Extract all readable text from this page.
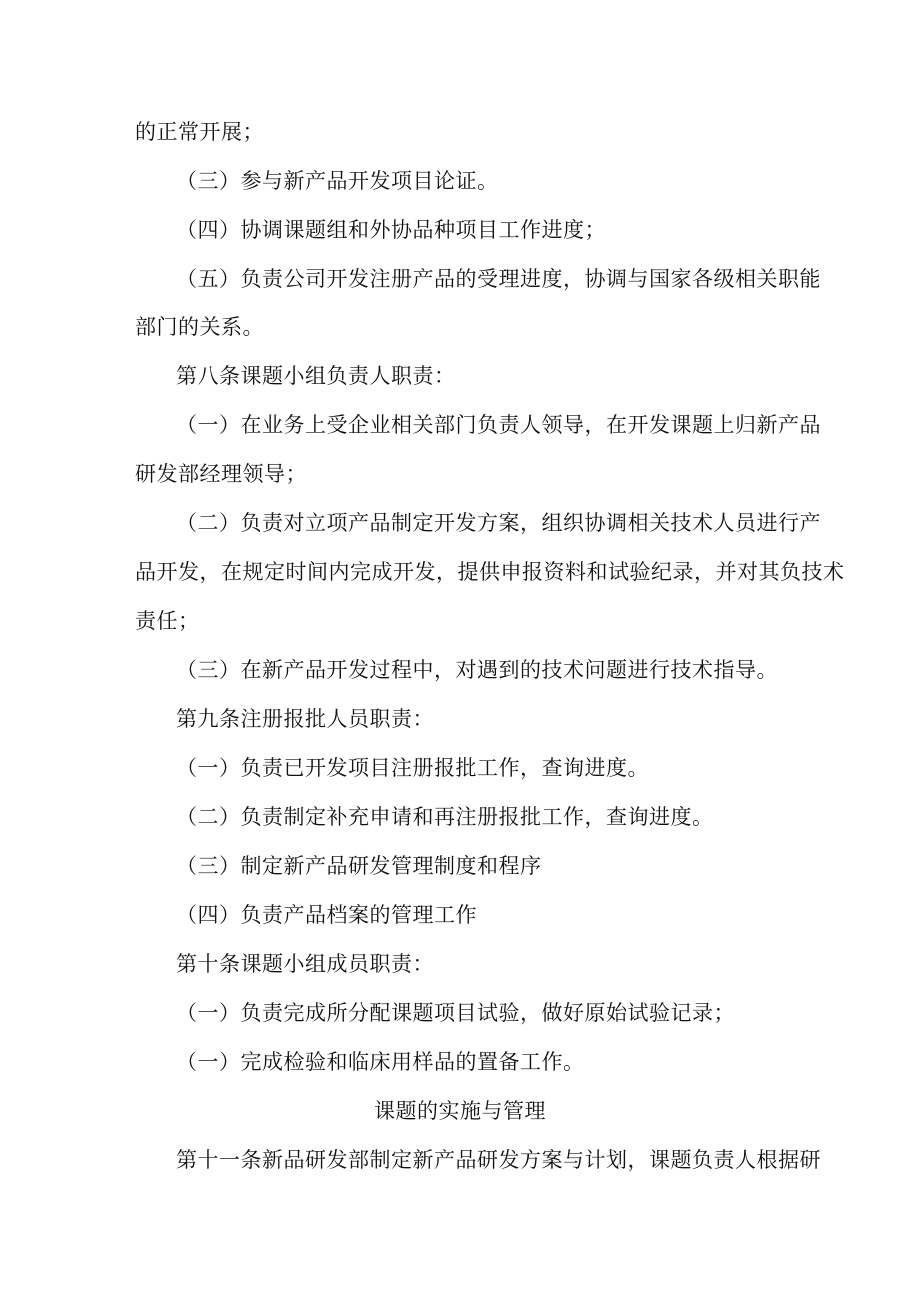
的正常开展；
（三）参与新产品开发项目论证。
（四）协调课题组和外协品种项目工作进度；
（五）负责公司开发注册产品的受理进度，协调与国家各级相关职能
部门的关系。
第八条课题小组负责人职责：
（一）在业务上受企业相关部门负责人领导，在开发课题上归新产品
研发部经理领导；
（二）负责对立项产品制定开发方案，组织协调相关技术人员进行产
品开发，在规定时间内完成开发，提供申报资料和试验纪录，并对其负技术
责任；
（三）在新产品开发过程中，对遇到的技术问题进行技术指导。
第九条注册报批人员职责：
（一）负责已开发项目注册报批工作，查询进度。
（二）负责制定补充申请和再注册报批工作，查询进度。
（三）制定新产品研发管理制度和程序
（四）负责产品档案的管理工作
第十条课题小组成员职责：
（一）负责完成所分配课题项目试验，做好原始试验记录；
（一）完成检验和临床用样品的置备工作。
课题的实施与管理
第十一条新品研发部制定新产品研发方案与计划，课题负责人根据研
